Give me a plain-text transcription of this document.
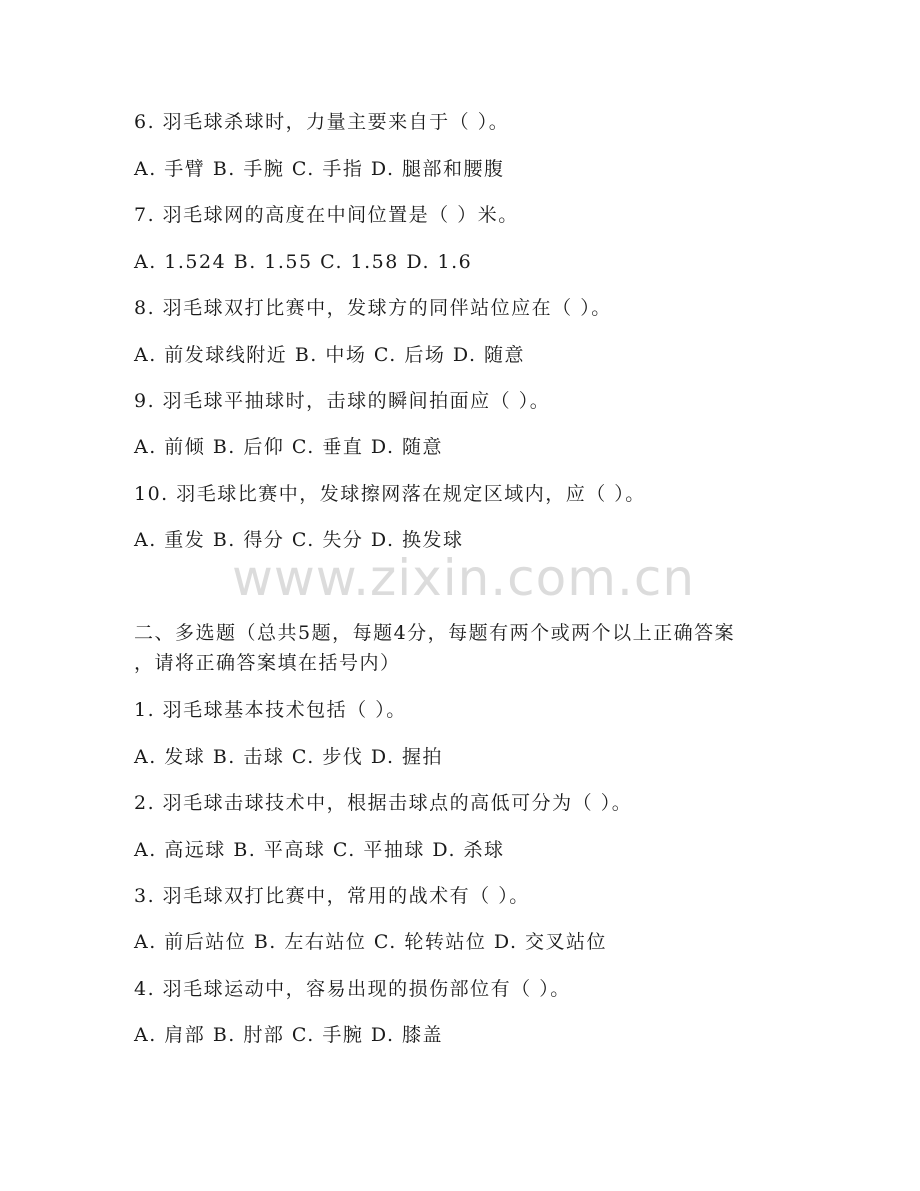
www.zixin.com.cn
6. 羽毛球杀球时，力量主要来自于（ ）。
A. 手臂 B. 手腕 C. 手指 D. 腿部和腰腹
7. 羽毛球网的高度在中间位置是（ ）米。
A. 1.524 B. 1.55 C. 1.58 D. 1.6
8. 羽毛球双打比赛中，发球方的同伴站位应在（ ）。
A. 前发球线附近 B. 中场 C. 后场 D. 随意
9. 羽毛球平抽球时，击球的瞬间拍面应（ ）。
A. 前倾 B. 后仰 C. 垂直 D. 随意
10. 羽毛球比赛中，发球擦网落在规定区域内，应（ ）。
A. 重发 B. 得分 C. 失分 D. 换发球
二、多选题（总共5题，每题4分，每题有两个或两个以上正确答案
，请将正确答案填在括号内）
1. 羽毛球基本技术包括（ ）。
A. 发球 B. 击球 C. 步伐 D. 握拍
2. 羽毛球击球技术中，根据击球点的高低可分为（ ）。
A. 高远球 B. 平高球 C. 平抽球 D. 杀球
3. 羽毛球双打比赛中，常用的战术有（ ）。
A. 前后站位 B. 左右站位 C. 轮转站位 D. 交叉站位
4. 羽毛球运动中，容易出现的损伤部位有（ ）。
A. 肩部 B. 肘部 C. 手腕 D. 膝盖
